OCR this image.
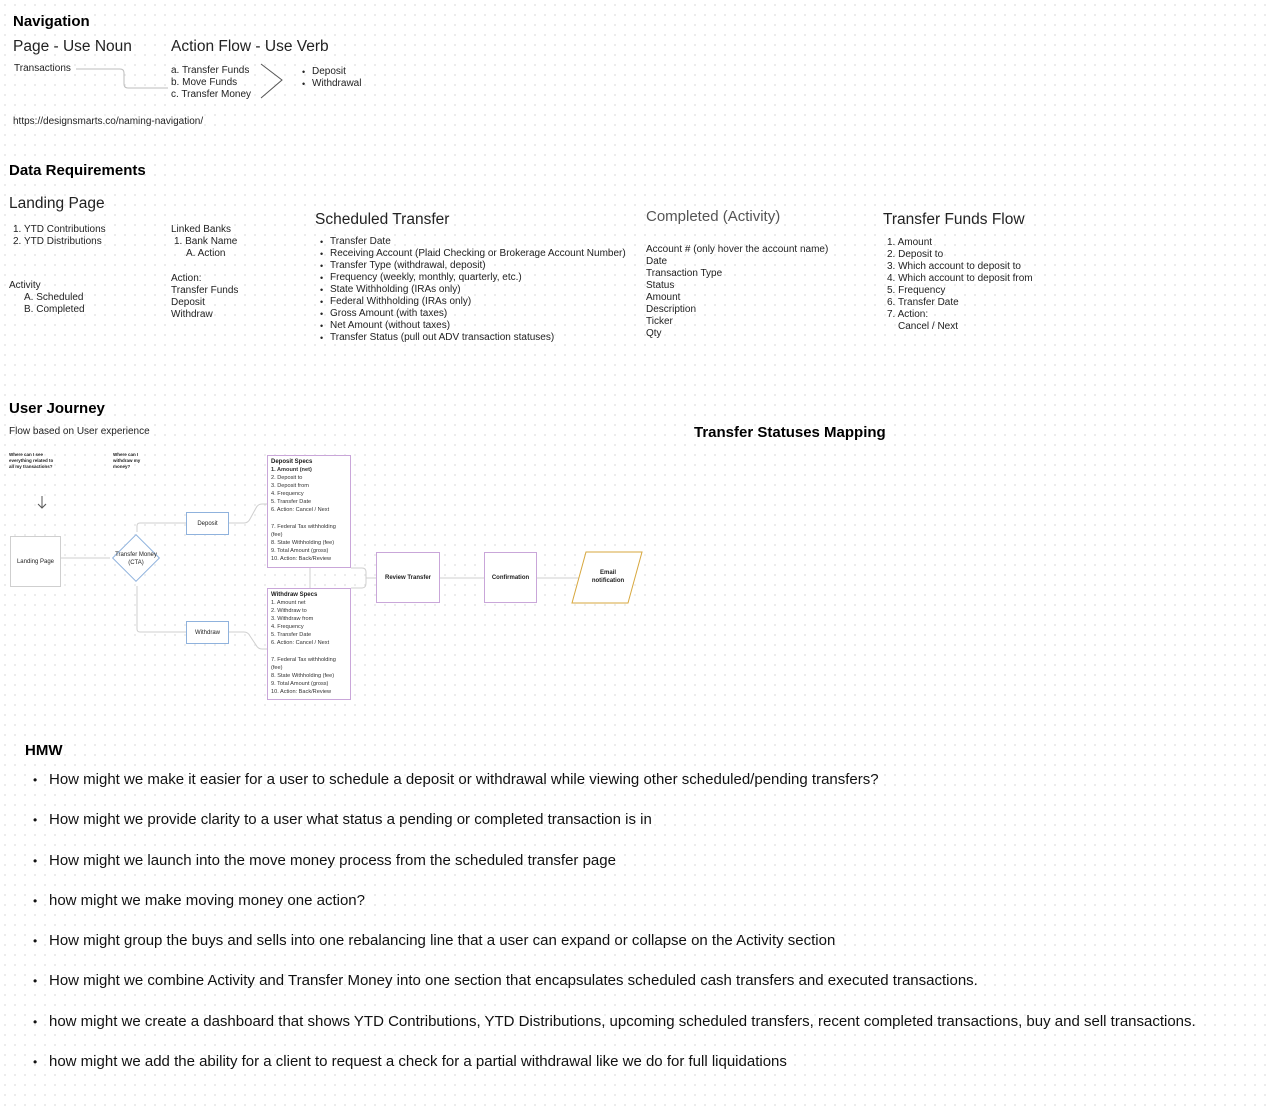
Navigation
Page - Use Noun	Action Flow - Use Verb
Transactions	a. Transfer Funds
b. Move Funds
c. Transfer Money
• Deposit
• Withdrawal
https://designsmarts.co/naming-navigation/
Data Requirements
Landing Page
1. YTD Contributions
2. YTD Distributions
Linked Banks
1. Bank Name
A. Action
Activity
A. Scheduled
B. Completed
Action:
Transfer Funds
Deposit
Withdraw
Scheduled Transfer
• Transfer Date
• Receiving Account (Plaid Checking or Brokerage Account Number)
• Transfer Type (withdrawal, deposit)
• Frequency (weekly, monthly, quarterly, etc.)
• State Withholding (IRAs only)
• Federal Withholding (IRAs only)
• Gross Amount (with taxes)
• Net Amount (without taxes)
• Transfer Status (pull out ADV transaction statuses)
Completed (Activity)
Account # (only hover the account name)
Date
Transaction Type
Status
Amount
Description
Ticker
Qty
Transfer Funds Flow
1. Amount
2. Deposit to
3. Which account to deposit to
4. Which account to deposit from
5. Frequency
6. Transfer Date
7. Action:
Cancel / Next
User Journey
Flow based on User experience
Where can I see everything related to all my transactions?
Where can I withdraw my money?
Landing Page
Transfer Money (CTA)
Deposit
Withdraw
Deposit Specs
1. Amount (net)
2. Deposit to
3. Deposit from
4. Frequency
5. Transfer Date
6. Action: Cancel / Next

7. Federal Tax withholding
(fee)
8. State Withholding (fee)
9. Total Amount (gross)
10. Action: Back/Review
Withdraw Specs
1. Amount net
2. Withdraw to
3. Withdraw from
4. Frequency
5. Transfer Date
6. Action: Cancel / Next

7. Federal Tax withholding
(fee)
8. State Withholding (fee)
9. Total Amount (gross)
10. Action: Back/Review
Review Transfer	Confirmation
Email notification
Transfer Statuses Mapping
HMW
• How might we make it easier for a user to schedule a deposit or withdrawal while viewing other scheduled/pending transfers?
• How might we provide clarity to a user what status a pending or completed transaction is in
• How might we launch into the move money process from the scheduled transfer page
• how might we make moving money one action?
• How might group the buys and sells into one rebalancing line that a user can expand or collapse on the Activity section
• How might we combine Activity and Transfer Money into one section that encapsulates scheduled cash transfers and executed transactions.
• how might we create a dashboard that shows YTD Contributions, YTD Distributions, upcoming scheduled transfers, recent completed transactions, buy and sell transactions.
• how might we add the ability for a client to request a check for a partial withdrawal like we do for full liquidations
